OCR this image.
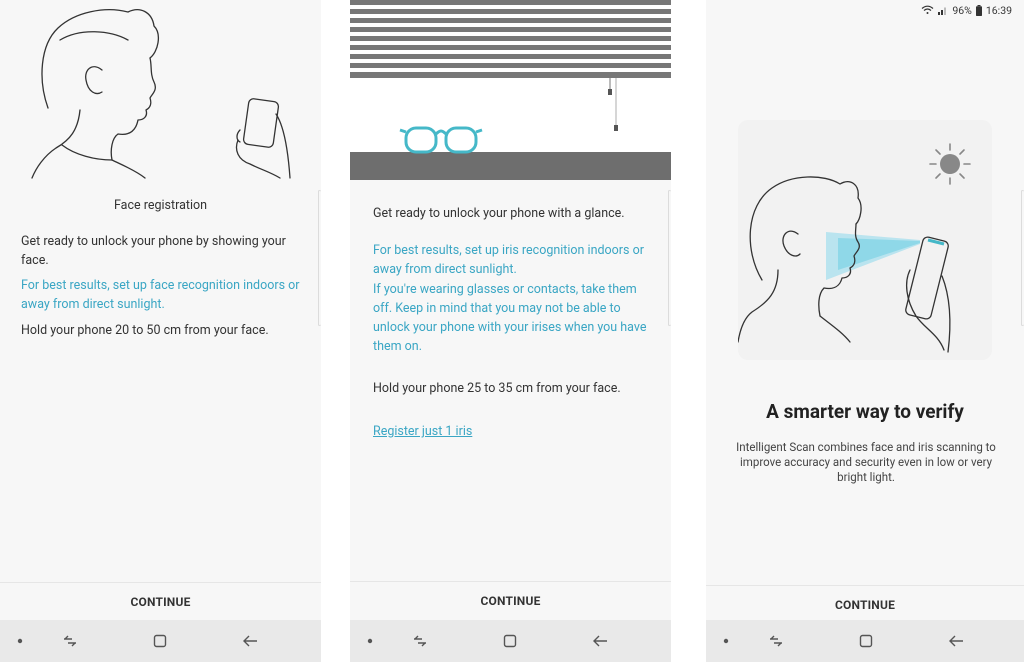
Face registration
Get ready to unlock your phone by showing your face.
For best results, set up face recognition indoors or away from direct sunlight.
Hold your phone 20 to 50 cm from your face.
CONTINUE
Get ready to unlock your phone with a glance.
For best results, set up iris recognition indoors or away from direct sunlight.
If you're wearing glasses or contacts, take them off. Keep in mind that you may not be able to unlock your phone with your irises when you have them on.
Hold your phone 25 to 35 cm from your face.
Register just 1 iris
CONTINUE
96% 16:39
A smarter way to verify
Intelligent Scan combines face and iris scanning to improve accuracy and security even in low or very bright light.
CONTINUE
